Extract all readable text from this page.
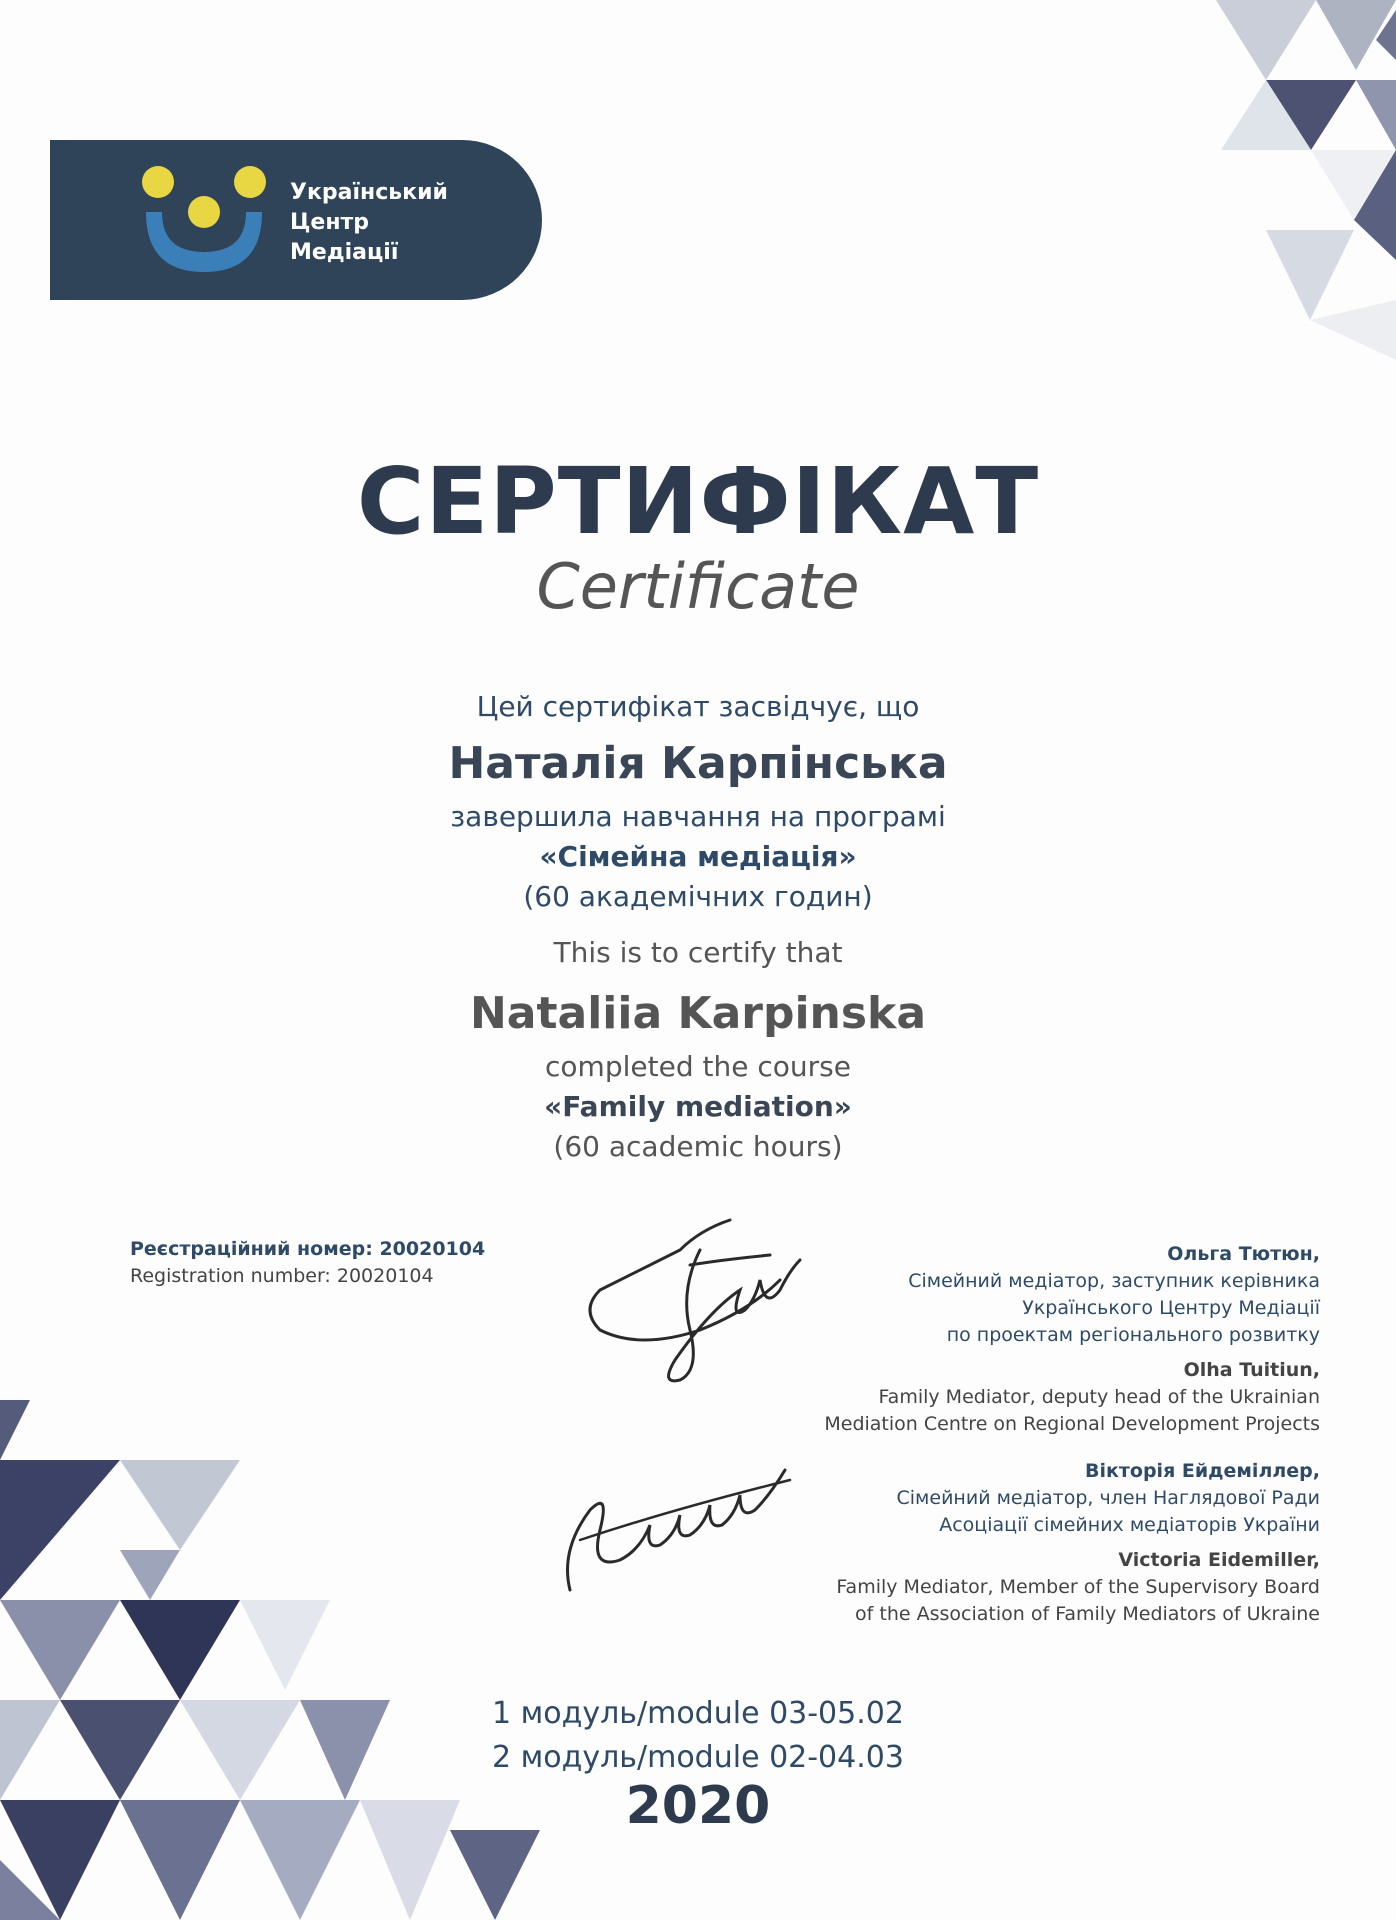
Український
Центр
Медіації
СЕРТИФІКАТ
Certificate
Цей сертифікат засвідчує, що
Наталія Карпінська
завершила навчання на програмі
«Сімейна медіація»
(60 академічних годин)
This is to certify that
Nataliia Karpinska
completed the course
«Family mediation»
(60 academic hours)
Реєстраційний номер: 20020104
Registration number: 20020104
Ольга Тютюн,
Сімейний медіатор, заступник керівника
Українського Центру Медіації
по проектам регіонального розвитку
Olha Tuitiun,
Family Mediator, deputy head of the Ukrainian
Mediation Centre on Regional Development Projects
Вікторія Ейдеміллер,
Сімейний медіатор, член Наглядової Ради
Асоціації сімейних медіаторів України
Victoria Eidemiller,
Family Mediator, Member of the Supervisory Board
of the Association of Family Mediators of Ukraine
1 модуль/module 03-05.02
2 модуль/module 02-04.03
2020
